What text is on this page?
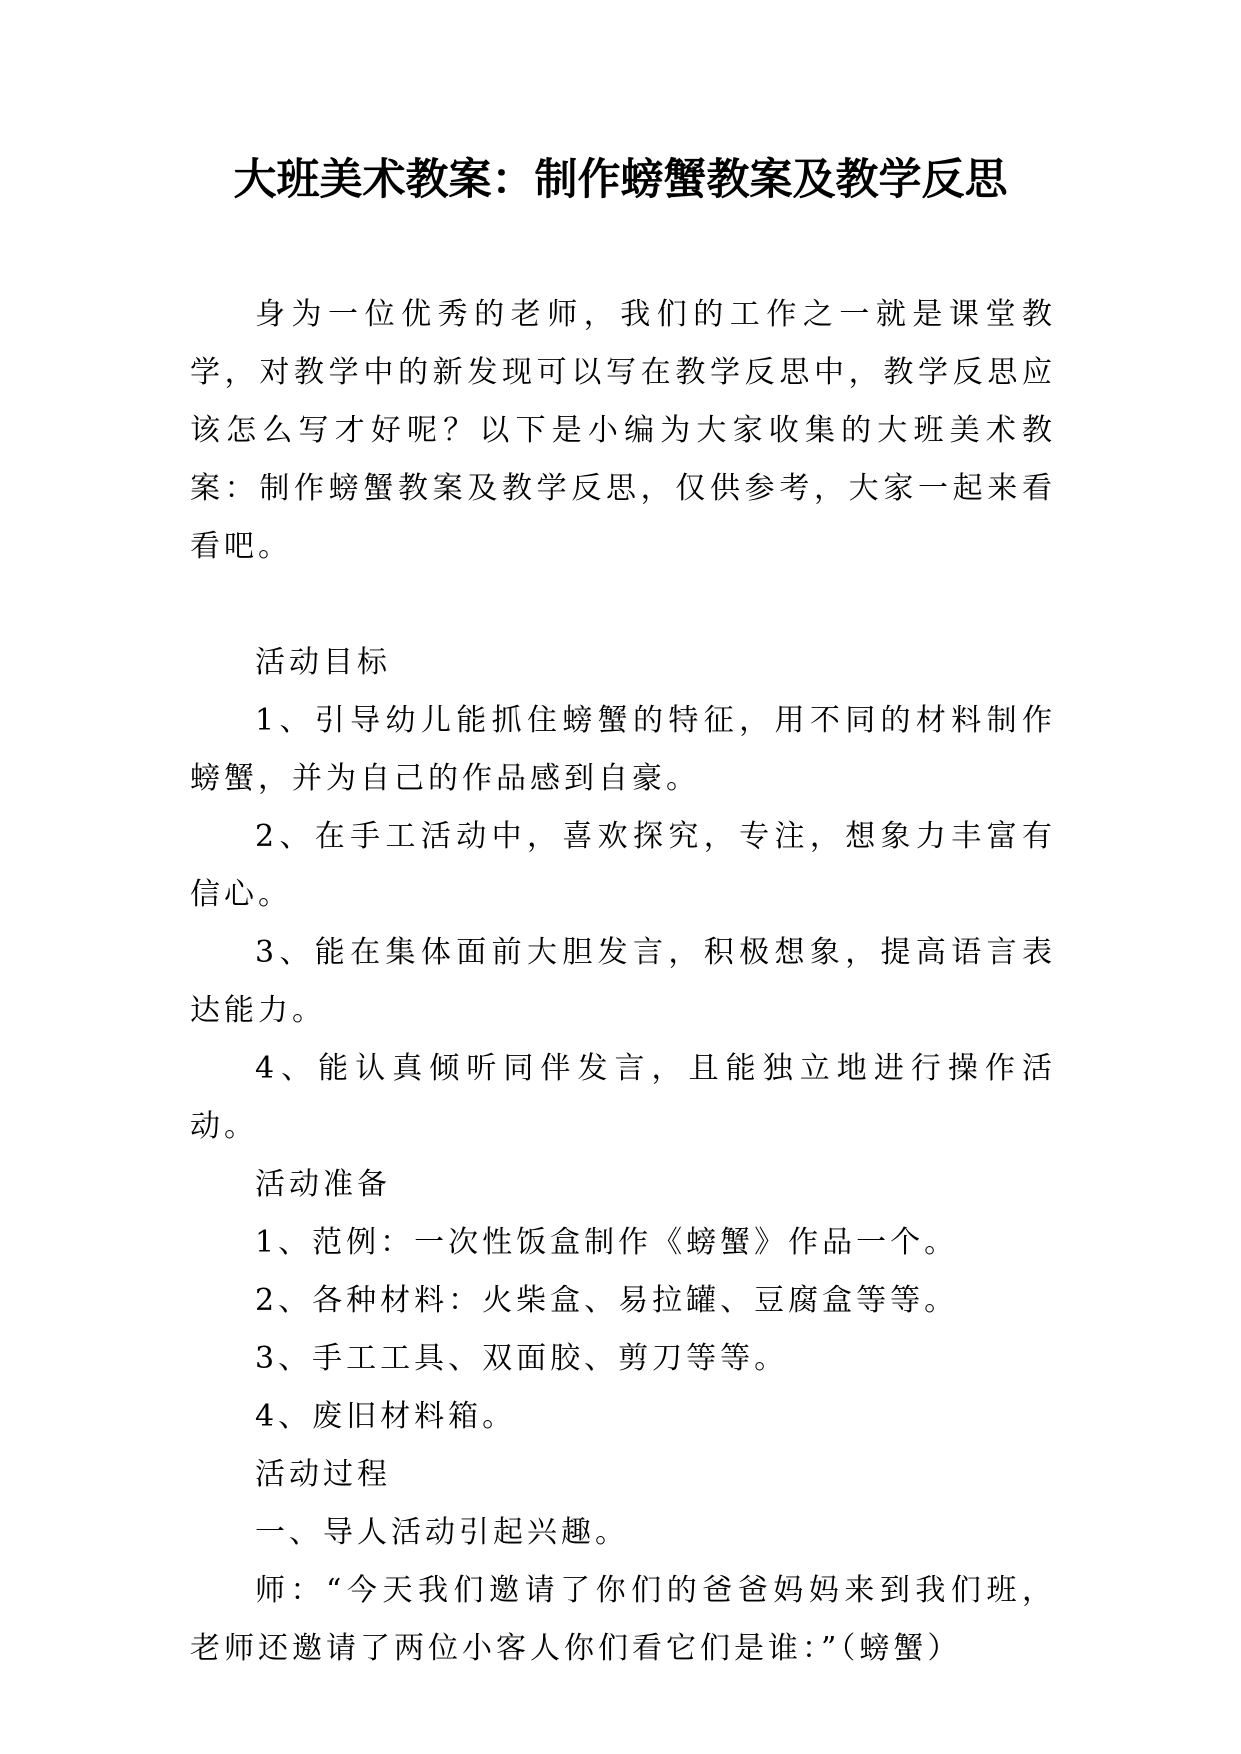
大班美术教案：制作螃蟹教案及教学反思

身为一位优秀的老师，我们的工作之一就是课堂教学，对教学中的新发现可以写在教学反思中，教学反思应该怎么写才好呢？以下是小编为大家收集的大班美术教案：制作螃蟹教案及教学反思，仅供参考，大家一起来看看吧。

活动目标

1、引导幼儿能抓住螃蟹的特征，用不同的材料制作螃蟹，并为自己的作品感到自豪。

2、在手工活动中，喜欢探究，专注，想象力丰富有信心。

3、能在集体面前大胆发言，积极想象，提高语言表达能力。

4、能认真倾听同伴发言，且能独立地进行操作活动。

活动准备

1、范例：一次性饭盒制作《螃蟹》作品一个。

2、各种材料：火柴盒、易拉罐、豆腐盒等等。

3、手工工具、双面胶、剪刀等等。

4、废旧材料箱。

活动过程

一、导人活动引起兴趣。

师：“今天我们邀请了你们的爸爸妈妈来到我们班，老师还邀请了两位小客人你们看它们是谁：”（螃蟹）
